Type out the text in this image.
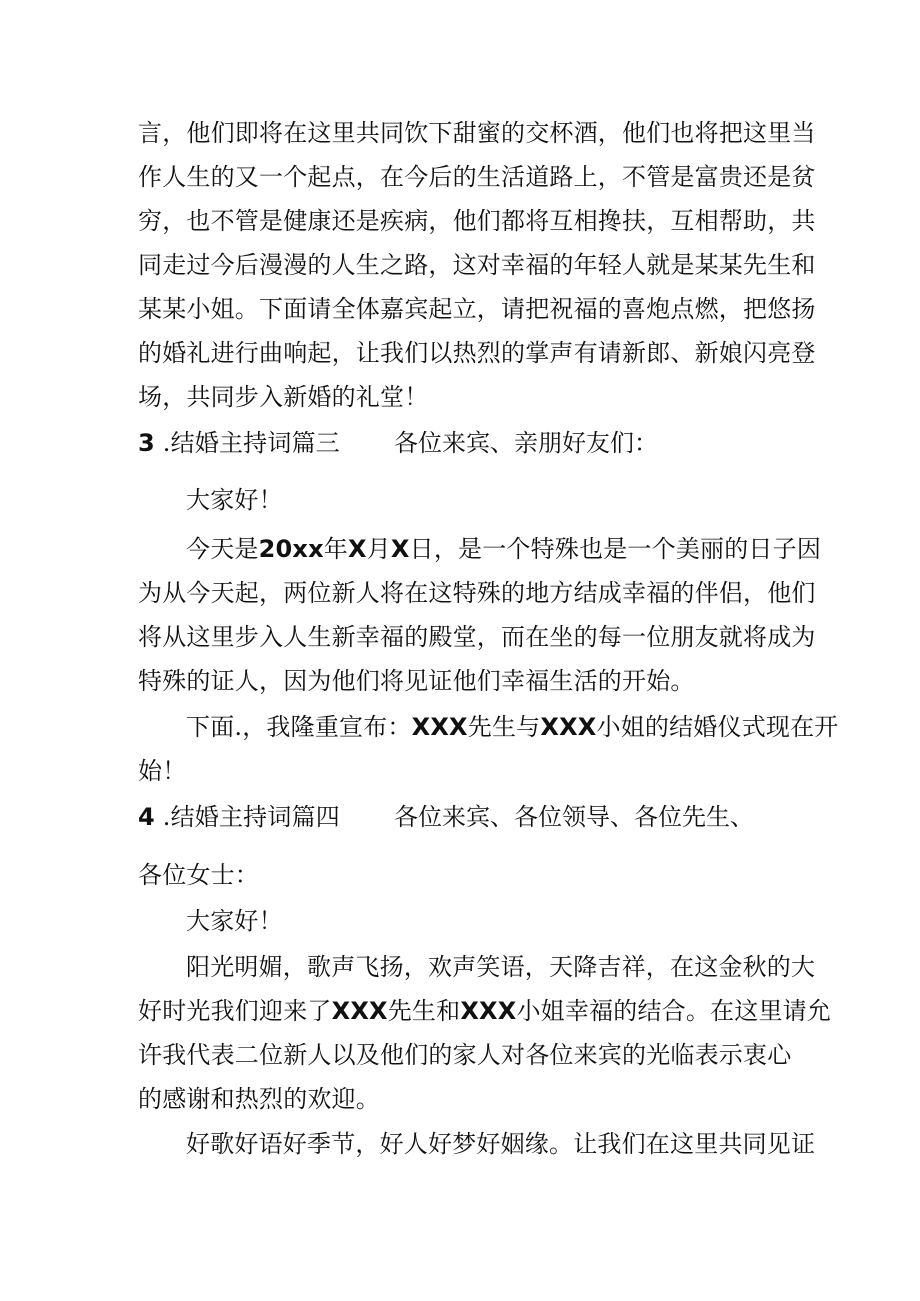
言，他们即将在这里共同饮下甜蜜的交杯酒，他们也将把这里当
作人生的又一个起点，在今后的生活道路上，不管是富贵还是贫
穷，也不管是健康还是疾病，他们都将互相搀扶，互相帮助，共
同走过今后漫漫的人生之路，这对幸福的年轻人就是某某先生和
某某小姐。下面请全体嘉宾起立，请把祝福的喜炮点燃，把悠扬
的婚礼进行曲响起，让我们以热烈的掌声有请新郎、新娘闪亮登
场，共同步入新婚的礼堂！
3 .结婚主持词篇三	各位来宾、亲朋好友们：
大家好！
今天是20xx年X月X日，是一个特殊也是一个美丽的日子因
为从今天起，两位新人将在这特殊的地方结成幸福的伴侣，他们
将从这里步入人生新幸福的殿堂，而在坐的每一位朋友就将成为
特殊的证人，因为他们将见证他们幸福生活的开始。
下面.，我隆重宣布：XXX先生与XXX小姐的结婚仪式现在开
始！
4 .结婚主持词篇四	各位来宾、各位领导、各位先生、
各位女士：
大家好！
阳光明媚，歌声飞扬，欢声笑语，天降吉祥，在这金秋的大
好时光我们迎来了XXX先生和XXX小姐幸福的结合。在这里请允
许我代表二位新人以及他们的家人对各位来宾的光临表示衷心
的感谢和热烈的欢迎。
好歌好语好季节，好人好梦好姻缘。让我们在这里共同见证
